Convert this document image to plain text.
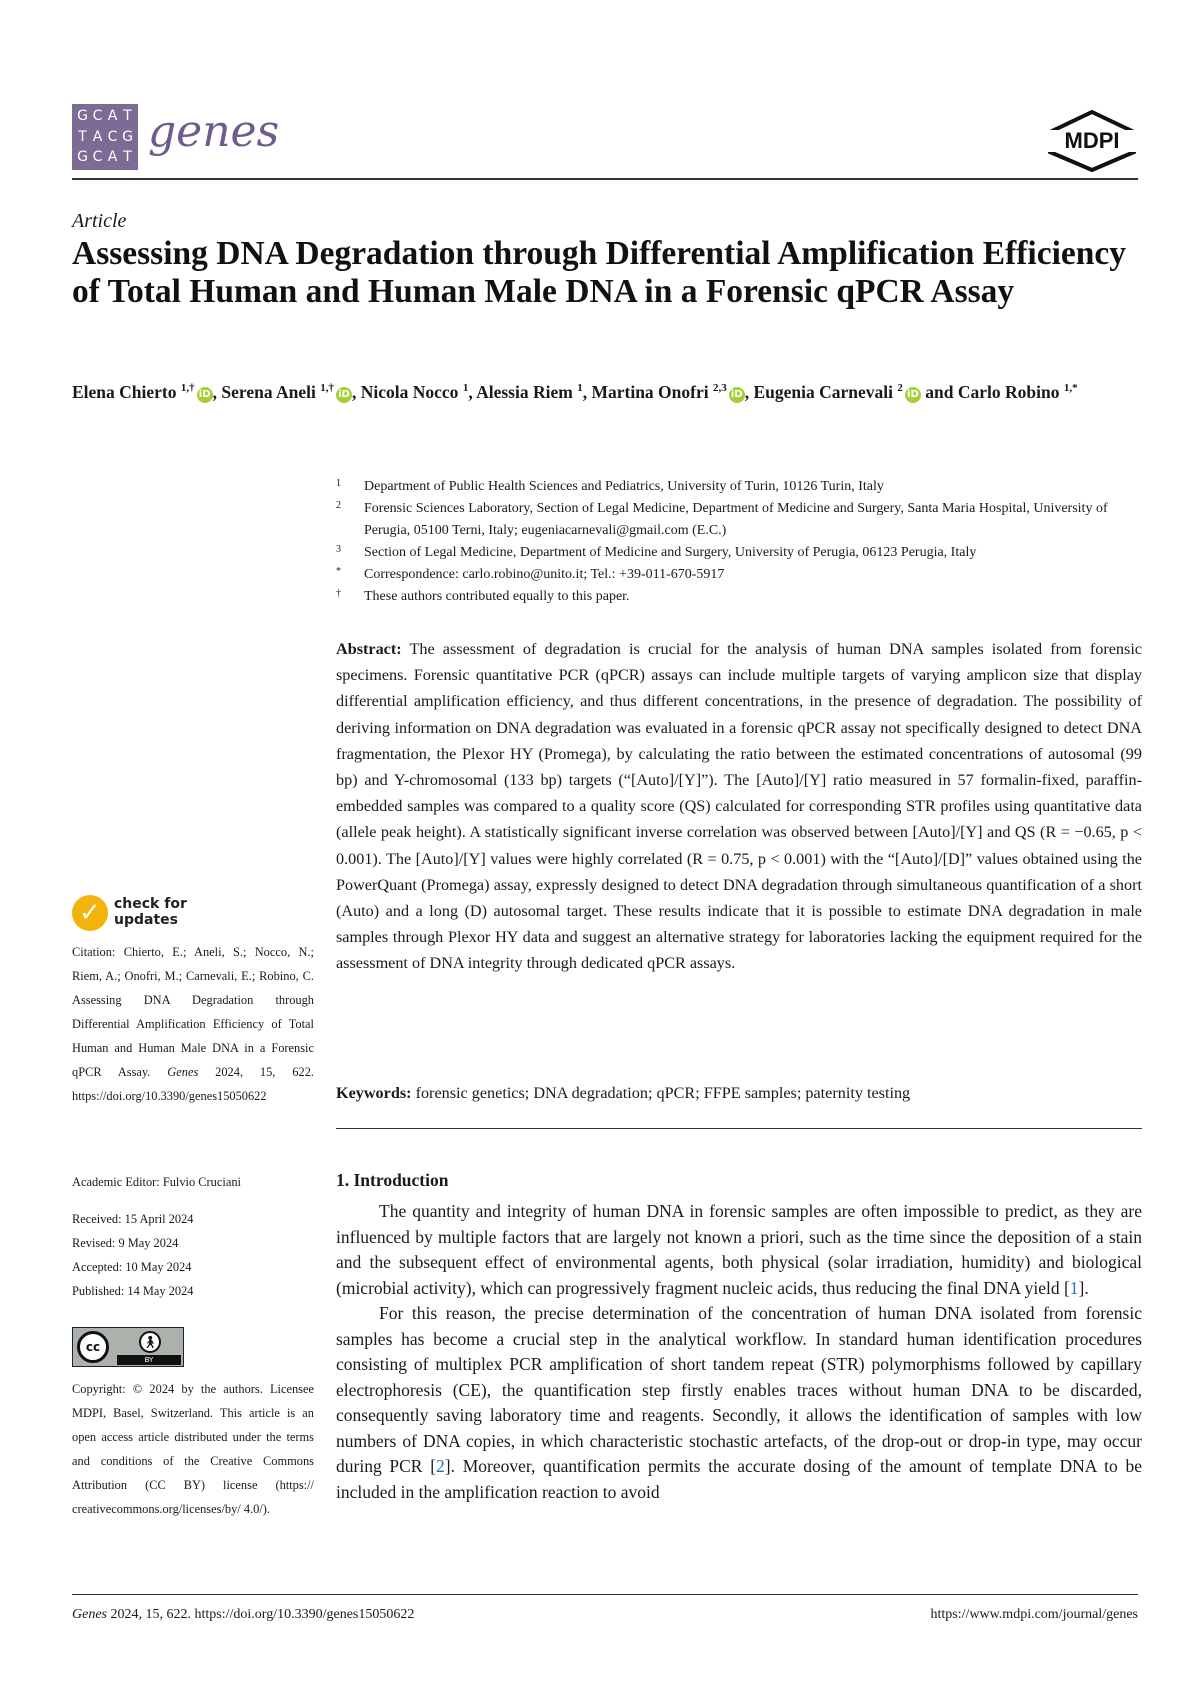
G C A T
T A C G
G C A T
genes	MDPI
Article
Assessing DNA Degradation through Differential Amplification Efficiency of Total Human and Human Male DNA in a Forensic qPCR Assay
Elena Chierto $^{1,\dagger}$iD , Serena Aneli $^{1,\dagger}$iD , Nicola Nocco $^1$, Alessia Riem $^1$, Martina Onofri $^{2,3}$iD , Eugenia Carnevali $^2$iD and Carlo Robino $^{1,*}$
1	Department of Public Health Sciences and Pediatrics, University of Turin, 10126 Turin, Italy
2	Forensic Sciences Laboratory, Section of Legal Medicine, Department of Medicine and Surgery, Santa Maria Hospital, University of Perugia, 05100 Terni, Italy; eugeniacarnevali@gmail.com (E.C.)
3	Section of Legal Medicine, Department of Medicine and Surgery, University of Perugia, 06123 Perugia, Italy
*	Correspondence: carlo.robino@unito.it; Tel.: +39-011-670-5917
†	These authors contributed equally to this paper.
Abstract: The assessment of degradation is crucial for the analysis of human DNA samples isolated from forensic specimens. Forensic quantitative PCR (qPCR) assays can include multiple targets of varying amplicon size that display differential amplification efficiency, and thus different concentrations, in the presence of degradation. The possibility of deriving information on DNA degradation was evaluated in a forensic qPCR assay not specifically designed to detect DNA fragmentation, the Plexor HY (Promega), by calculating the ratio between the estimated concentrations of autosomal (99 bp) and Y-chromosomal (133 bp) targets (“[Auto]/[Y]”). The [Auto]/[Y] ratio measured in 57 formalin-fixed, paraffin-embedded samples was compared to a quality score (QS) calculated for corresponding STR profiles using quantitative data (allele peak height). A statistically significant inverse correlation was observed between [Auto]/[Y] and QS (R = −0.65, p < 0.001). The [Auto]/[Y] values were highly correlated (R = 0.75, p < 0.001) with the “[Auto]/[D]” values obtained using the PowerQuant (Promega) assay, expressly designed to detect DNA degradation through simultaneous quantification of a short (Auto) and a long (D) autosomal target. These results indicate that it is possible to estimate DNA degradation in male samples through Plexor HY data and suggest an alternative strategy for laboratories lacking the equipment required for the assessment of DNA integrity through dedicated qPCR assays.
Keywords: forensic genetics; DNA degradation; qPCR; FFPE samples; paternity testing
✓ check for
updates
Citation: Chierto, E.; Aneli, S.; Nocco, N.; Riem, A.; Onofri, M.; Carnevali, E.; Robino, C. Assessing DNA Degradation through Differential Amplification Efficiency of Total Human and Human Male DNA in a Forensic qPCR Assay. Genes 2024, 15, 622. https://doi.org/10.3390/genes15050622
Academic Editor: Fulvio Cruciani
Received: 15 April 2024
Revised: 9 May 2024
Accepted: 10 May 2024
Published: 14 May 2024
cc	🚶︎
BY
Copyright: © 2024 by the authors. Licensee MDPI, Basel, Switzerland. This article is an open access article distributed under the terms and conditions of the Creative Commons Attribution (CC BY) license (https:// creativecommons.org/licenses/by/ 4.0/).
1. Introduction

The quantity and integrity of human DNA in forensic samples are often impossible to predict, as they are influenced by multiple factors that are largely not known a priori, such as the time since the deposition of a stain and the subsequent effect of environmental agents, both physical (solar irradiation, humidity) and biological (microbial activity), which can progressively fragment nucleic acids, thus reducing the final DNA yield [1].

For this reason, the precise determination of the concentration of human DNA isolated from forensic samples has become a crucial step in the analytical workflow. In standard human identification procedures consisting of multiplex PCR amplification of short tandem repeat (STR) polymorphisms followed by capillary electrophoresis (CE), the quantification step firstly enables traces without human DNA to be discarded, consequently saving laboratory time and reagents. Secondly, it allows the identification of samples with low numbers of DNA copies, in which characteristic stochastic artefacts, of the drop-out or drop-in type, may occur during PCR [2]. Moreover, quantification permits the accurate dosing of the amount of template DNA to be included in the amplification reaction to avoid

Genes 2024, 15, 622. https://doi.org/10.3390/genes15050622	https://www.mdpi.com/journal/genes
